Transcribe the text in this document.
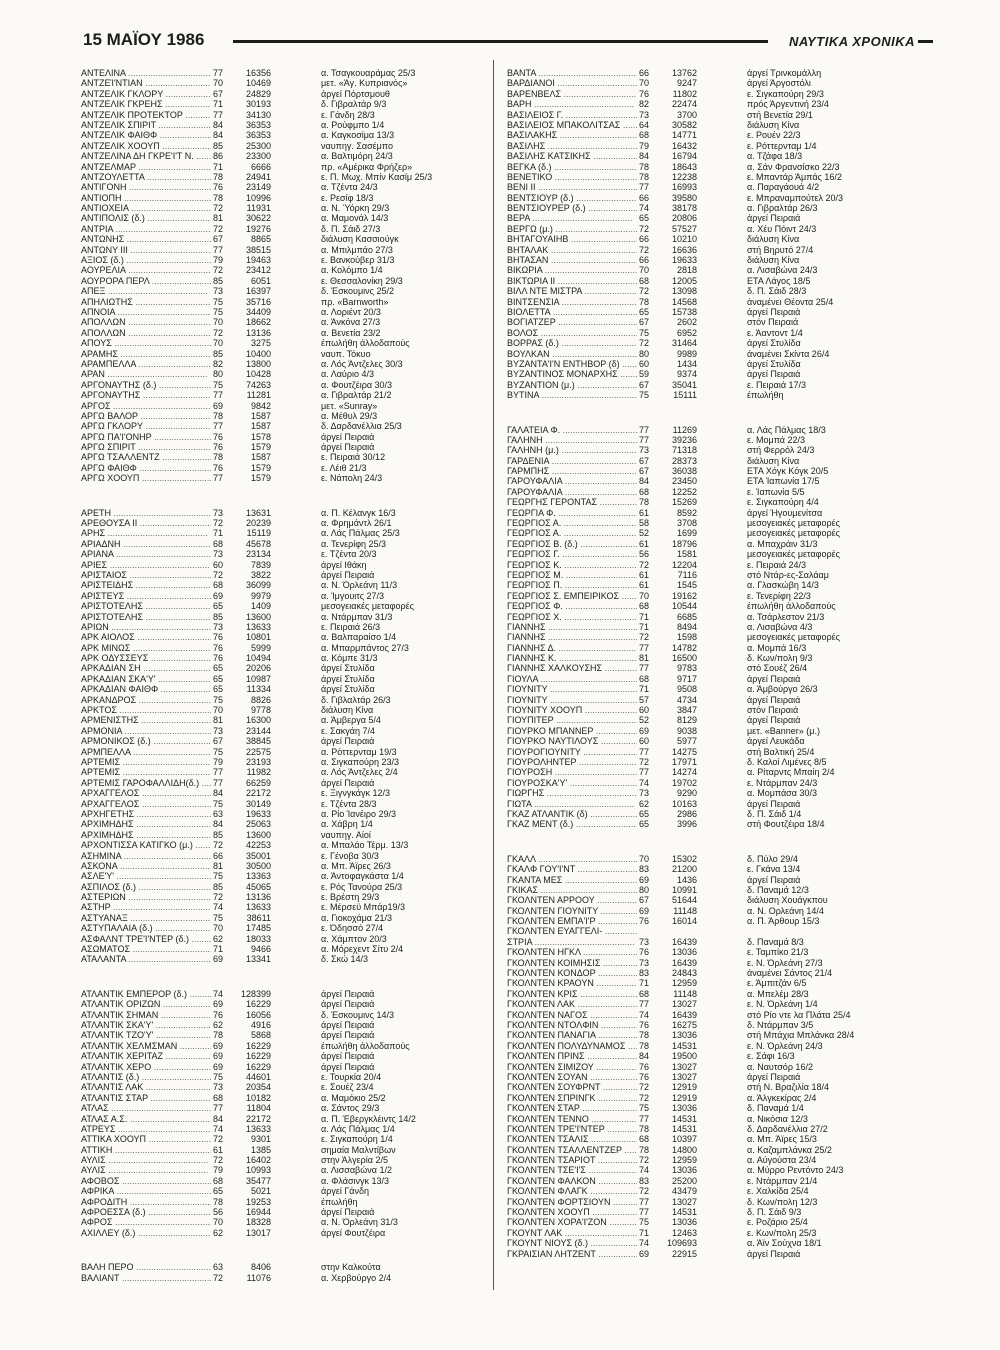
15 ΜΑΪΟΥ 1986	ΝΑΥΤΙΚΑ ΧΡΟΝΙΚΑ
ΑΝΤΕΛΙΝΑ .....	77	16356	α. Τσαγκουαράμας 25/3
ΑΝΤΖΕΊ'ΝΤΙΑΝ .....	70	10469	μετ. «Άγ. Κυπριανός»
ΑΝΤΖΕΛΙΚ ΓΚΛΟΡΥ .....	67	24829	άργεί Πόρτσμουθ
ΑΝΤΖΕΛΙΚ ΓΚΡΕΗΣ .....	71	30193	δ. Γιβραλτάρ 9/3
ΑΝΤΖΕΛΙΚ ΠΡΟΤΕΚΤΟΡ .....	77	34130	ε. Γάνδη 28/3
ΑΝΤΖΕΛΙΚ ΣΠΙΡΙΤ .....	84	36353	α. Ρούφμπο 1/4
ΑΝΤΖΕΛΙΚ ΦΑΙΘΦ .....	84	36353	α. Καγκοσίμα 13/3
ΑΝΤΖΕΛΙΚ ΧΟΟΥΠ .....	85	25300	ναυπηγ. Σασέμπο
ΑΝΤΖΕΛΙΝΑ ΔΗ ΓΚΡΕ'Ι'Τ Ν. .....	86	23300	α. Βαλτιμόρη 24/3
ΑΝΤΖΕΛΜΑΡ .....	71	6666	πρ. «Αμέρικα Φρήζερ»
ΑΝΤΖΟΥΛΕΤΤΑ .....	78	24941	ε. Π. Μωχ. Μπίν Κασίμ 25/3
ΑΝΤΙΓΟΝΗ .....	76	23149	α. Τζέντα 24/3
ΑΝΤΙΟΠΗ .....	78	10996	ε. Ρεσίφ 18/3
ΑΝΤΙΟΧΕΙΑ .....	72	11931	α. Ν. Ύόρκη 29/3
ΑΝΤΙΠΟΛΙΣ (δ.) .....	81	30622	α. Μαμονάλ 14/3
ΑΝΤΡΙΑ .....	72	19276	δ. Π. Σάιδ 27/3
ΑΝΤΩΝΗΣ .....	67	8865	διάλυση Κασσιούγκ
ΑΝΤΩΝΥ ΙΙΙ .....	77	38515	α. Μπιλμπάο 27/3
ΑΞΙΟΣ (δ.) .....	79	19463	ε. Βανκούβερ 31/3
ΑΟΥΡΕΛΙΑ .....	72	23412	α. Κολόμπο 1/4
ΑΟΥΡΟΡΑ ΠΕΡΛ .....	85	6051	ε. Θεσσαλονίκη 29/3
ΑΠΕΞ .....	73	16397	δ. Έσκουμινς 25/2
ΑΠΗΛΙΩΤΗΣ .....	75	35716	πρ. «Barnworth»
ΑΠΝΟΙΑ .....	75	34409	α. Λοριέντ 20/3
ΑΠΟΛΛΩΝ .....	70	18662	α. Άνκόνα 27/3
ΑΠΟΛΛΩΝ .....	72	13136	α. Βενετία 23/2
ΑΠΟΥΣ .....	70	3275	έπωλήθη άλλοδαπούς
ΑΡΑΜΗΣ .....	85	10400	ναυπ. Τόκυο
ΑΡΑΜΠΕΛΛΑ .....	82	13800	α. Λός Άντζελες 30/3
ΑΡΑΝ .....	80	10428	α. Λαύριο 4/3
ΑΡΓΟΝΑΥΤΗΣ (δ.) .....	75	74263	α. Φουτζέιρα 30/3
ΑΡΓΟΝΑΥΤΗΣ .....	77	11281	α. Γιβραλτάρ 21/2
ΑΡΓΟΣ .....	69	9842	μετ. «Sunray»
ΑΡΓΩ ΒΑΛΟΡ .....	78	1587	α. Μέθυλ 29/3
ΑΡΓΩ ΓΚΛΟΡΥ .....	77	1587	δ. Δαρδανέλλια 25/3
ΑΡΓΩ ΠΑ'Ι'ΟΝΗΡ .....	76	1578	άργεί Πειραιά
ΑΡΓΩ ΣΠΙΡΙΤ .....	76	1579	άργεί Πειραιά
ΑΡΓΩ ΤΣΑΛΛΕΝΤΖ .....	78	1587	ε. Πειραιά 30/12
ΑΡΓΩ ΦΑΙΘΦ .....	76	1579	ε. Λέιθ 21/3
ΑΡΓΩ ΧΟΟΥΠ .....	77	1579	ε. Νάπολη 24/3
ΑΡΕΤΗ .....	73	13631	α. Π. Κέλανγκ 16/3
ΑΡΕΘΟΥΣΑ ΙΙ .....	72	20239	α. Φρημάντλ 26/1
ΑΡΗΣ .....	71	15119	α. Λάς Πάλμας 25/3
ΑΡΙΑΔΝΗ .....	68	45678	α. Τενερίφη 25/3
ΑΡΙΑΝΑ .....	73	23134	ε. Τζέντα 20/3
ΑΡΙΕΣ .....	60	7839	άργεί Ιθάκη
ΑΡΙΣΤΑΙΟΣ .....	72	3822	άργεί Πειραιά
ΑΡΙΣΤΕΙΔΗΣ .....	68	36099	α. Ν. Όρλεάνη 11/3
ΑΡΙΣΤΕΥΣ .....	69	9979	α. Ίμγουιτς 27/3
ΑΡΙΣΤΟΤΕΛΗΣ .....	65	1409	μεσογειακές μεταφορές
ΑΡΙΣΤΟΤΕΛΗΣ .....	85	13600	α. Ντάρμπαν 31/3
ΑΡΙΩΝ .....	73	13633	ε. Πειραιά 26/3
ΑΡΚ ΑΙΟΛΟΣ .....	76	10801	α. Βαλπαραίσο 1/4
ΑΡΚ ΜΙΝΩΣ .....	76	5999	α. Μπαρμπάντος 27/3
ΑΡΚ ΟΔΥΣΣΕΥΣ .....	76	10494	α. Κόμπε 31/3
ΑΡΚΑΔΙΑΝ ΣΗ .....	65	20206	άργεί Στυλίδα
ΑΡΚΑΔΙΑΝ ΣΚΑ'Υ' .....	65	10987	άργεί Στυλίδα
ΑΡΚΑΔΙΑΝ ΦΑΙΘΦ .....	65	11334	άργεί Στυλίδα
ΑΡΚΑΝΔΡΟΣ .....	75	8826	δ. Γιβλαλτάρ 26/3
ΑΡΚΤΟΣ .....	70	9778	διάλυση Κίνα
ΑΡΜΕΝΙΣΤΗΣ .....	81	16300	α. Άμβεργα 5/4
ΑΡΜΟΝΙΑ .....	73	23144	ε. Σακγάη 7/4
ΑΡΜΟΝΙΚΟΣ (δ.) .....	67	38845	άργεί Πειραιά
ΑΡΜΠΕΛΛΑ .....	75	22575	α. Ρόττερνταμ 19/3
ΑΡΤΕΜΙΣ .....	79	23193	α. Σιγκαπούρη 23/3
ΑΡΤΕΜΙΣ .....	77	11982	α. Λός Άντζελες 2/4
ΑΡΤΕΜΙΣ ΓΑΡΟΦΑΛΛΙΔΗ(δ.) .....	77	66259	άργεί Πειραιά
ΑΡΧΑΓΓΕΛΟΣ .....	84	22172	ε. Ξιγνγκάγκ 12/3
ΑΡΧΑΓΓΕΛΟΣ .....	75	30149	ε. Τζέντα 28/3
ΑΡΧΗΓΕΤΗΣ .....	63	19633	α. Ρίο Ίανέιρο 29/3
ΑΡΧΙΜΗΔΗΣ .....	84	25063	α. Χάβρη 1/4
ΑΡΧΙΜΗΔΗΣ .....	85	13600	ναυπηγ. Αίοί
ΑΡΧΟΝΤΙΣΣΑ ΚΑΤΙΓΚΟ (μ.) .....	72	42253	α. Μπαλάο Τέρμ. 13/3
ΑΣΗΜΙΝΑ .....	66	35001	ε. Γένοβα 30/3
ΑΣΚΟΝΑ .....	81	30500	α. Μπ. Άϊρες 26/3
ΑΣΛΕ'Υ' .....	75	13363	α. Άντοφαγκάστα 1/4
ΑΣΠΙΛΟΣ (δ.) .....	85	45065	ε. Ρός Τανούρα 25/3
ΑΣΤΕΡΙΩΝ .....	72	13136	ε. Βρέστη 29/3
ΑΣΤΗΡ .....	74	13633	ε. Μέρσεϋ Μπάρ19/3
ΑΣΤΥΑΝΑΞ .....	75	38611	α. Γιοκοχάμα 21/3
ΑΣΤΥΠΑΛΑΙΑ (δ.) .....	70	17485	ε. Όδησσό 27/4
ΑΣΦΑΛΝΤ ΤΡΕ'Ι'ΝΤΕΡ (δ.) .....	62	18033	α. Χάμπτον 20/3
ΑΣΩΜΑΤΟΣ .....	71	9466	α. Μόρεχεντ Σίτυ 2/4
ΑΤΑΛΑΝΤΑ .....	69	13341	δ. Σκώ 14/3
ΑΤΛΑΝΤΙΚ ΕΜΠΕΡΟΡ (δ.) .....	74	128399	άργεί Πειραιά
ΑΤΛΑΝΤΙΚ ΟΡΙΖΩΝ .....	69	16229	άργεί Πειραιά
ΑΤΛΑΝΤΙΚ ΣΗΜΑΝ .....	76	16056	δ. Έσκουμινς 14/3
ΑΤΛΑΝΤΙΚ ΣΚΑ'Υ' .....	62	4916	άργεί Πειραιά
ΑΤΛΑΝΤΙΚ ΤΖΟ'Υ' .....	78	5868	άργεί Πειραιά
ΑΤΛΑΝΤΙΚ ΧΕΛΜΣΜΑΝ .....	69	16229	έπωλήθη άλλοδαπούς
ΑΤΛΑΝΤΙΚ ΧΕΡΙΤΑΖ .....	69	16229	άργεί Πειραιά
ΑΤΛΑΝΤΙΚ ΧΕΡΟ .....	69	16229	άργεί Πειραιά
ΑΤΛΑΝΤΙΣ (δ.) .....	75	44601	ε. Τουρκία 20/4
ΑΤΛΑΝΤΙΣ ΛΑΚ .....	73	20354	ε. Σουέζ 23/4
ΑΤΛΑΝΤΙΣ ΣΤΑΡ .....	68	10182	α. Μαμόκιο 25/2
ΑΤΛΑΣ .....	77	11804	α. Σάντος 29/3
ΑΤΛΑΣ Α.Σ. .....	84	22172	α. Π. Έβεργκλέιντς 14/2
ΑΤΡΕΥΣ .....	74	13633	α. Λάς Πάλμας 1/4
ΑΤΤΙΚΑ ΧΟΟΥΠ .....	72	9301	ε. Σιγκαπούρη 1/4
ΑΤΤΙΚΗ .....	61	1385	σημαία Μαλντίβων
ΑΥΛΙΣ .....	72	16402	στην Άλγερία 2/5
ΑΥΛΙΣ .....	79	10993	α. Λισσαβώνα 1/2
ΑΦΟΒΟΣ .....	68	35477	α. Φλάσινγκ 13/3
ΑΦΡΙΚΑ .....	65	5021	άργεί Γάνδη
ΑΦΡΟΔΙΤΗ .....	78	19253	έπωλήθη
ΑΦΡΟΕΣΣΑ (δ.) .....	56	16944	άργεί Πειραιά
ΑΦΡΟΣ .....	70	18328	α. Ν. Όρλεάνη 31/3
ΑΧΙΛΛΕΥ (δ.) .....	62	13017	άργεί Φουτζέιρα
ΒΑΛΗ ΠΕΡΟ .....	63	8406	στην Καλκούτα
ΒΑΛΙΑΝΤ .....	72	11076	α. Χερβούργο 2/4
ΒΑΝΤΑ .....	66	13762	άργεί Τρινκομάλλη
ΒΑΡΔΙΑΝΟΙ .....	70	9247	άργεί Άργοστόλι
ΒΑΡΕΝΒΕΛΣ .....	76	11802	ε. Σιγκαπούρη 29/3
ΒΑΡΗ .....	82	22474	πρός Άργεντινή 23/4
ΒΑΣΙΛΕΙΟΣ Γ. .....	73	3700	στή Βενετία 29/1
ΒΑΣΙΛΕΙΟΣ ΜΠΑΚΟΛΙΤΣΑΣ .....	64	30582	διάλυση Κίνα
ΒΑΣΙΛΑΚΗΣ .....	68	14771	ε. Ρουέν 22/3
ΒΑΣΙΛΗΣ .....	79	16432	ε. Ρόττερνταμ 1/4
ΒΑΣΙΛΗΣ ΚΑΤΣΙΚΗΣ .....	84	16794	α. Τζάφα 18/3
ΒΕΓΚΑ (δ.) .....	78	18643	α. Σάν Φρανσίσκο 22/3
ΒΕΝΕΤΙΚΟ .....	78	12238	ε. Μπαντάρ Άμπάς 16/2
ΒΕΝΙ ΙΙ .....	77	16993	α. Παραγάουά 4/2
ΒΕΝΤΣΙΟΥΡ (δ.) .....	66	39580	ε. Μπραναμπούτελ 20/3
ΒΕΝΤΣΙΟΥΡΕΡ (δ.) .....	74	38178	α. Γιβραλτάρ 26/3
ΒΕΡΑ .....	65	20806	άργεί Πειραιά
ΒΕΡΓΩ (μ.) .....	72	57527	α. Χέυ Πόιντ 24/3
ΒΗΤΑΓΟΥΑΙΗΒ .....	66	10210	διάλυση Κίνα
ΒΗΤΑΛΑΚ .....	72	16636	στή Βηρυτό 27/4
ΒΗΤΑΣΑΝ .....	66	19633	διάλυση Κίνα
ΒΙΚΩΡΙΑ .....	70	2818	α. Λισαβώνα 24/3
ΒΙΚΤΩΡΙΑ ΙΙ .....	68	12005	ΕΤΑ Λάγος 18/5
ΒΙΛΛ ΝΤΕ ΜΙΣΤΡΑ .....	72	13098	δ. Π. Σάιδ 28/3
ΒΙΝΤΣΕΝΣΙΑ .....	78	14568	άναμένει Θέοντα 25/4
ΒΙΟΛΕΤΤΑ .....	65	15738	άργεί Πειραιά
ΒΟΓΙΑΤΖΕΡ .....	67	2602	στόν Πειραιά
ΒΟΛΟΣ .....	75	6952	ε. Άαντοντ 1/4
ΒΟΡΡΑΣ (δ.) .....	72	31464	άργεί Στυλίδα
ΒΟΥΛΚΑΝ .....	80	9989	άναμένει Σκίντα 26/4
ΒΥΖΑΝΤΑ'Ι'Ν ΕΝΤΗΒΟΡ (δ) .....	60	1434	άργεί Στυλίδα
ΒΥΖΑΝΤΙΝΟΣ ΜΟΝΑΡΧΗΣ .....	59	9374	άργεί Πειραιά
ΒΥΖΑΝΤΙΟΝ (μ.) .....	67	35041	ε. Πειραιά 17/3
ΒΥΤΙΝΑ .....	75	15111	έπωλήθη
ΓΑΛΑΤΕΙΑ Φ. .....	77	11269	α. Λάς Πάλμας 18/3
ΓΑΛΗΝΗ .....	77	39236	ε. Μομπά 22/3
ΓΑΛΗΝΗ (μ.) .....	73	71318	στή Φερρόλ 24/3
ΓΑΡΔΕΝΙΑ .....	67	28373	διάλυση Κίνα
ΓΑΡΜΠΗΣ .....	67	36038	ΕΤΑ Χόγκ Κόγκ 20/5
ΓΑΡΟΥΦΑΛΙΑ .....	84	23450	ΕΤΑ Ίαπωνία 17/5
ΓΑΡΟΥΦΑΛΙΑ .....	68	12252	ε. Ίαπωνία 5/5
ΓΕΩΡΓΗΣ ΓΕΡΟΝΤΑΣ .....	78	15269	ε. Σιγκαπούρη 4/4
ΓΕΩΡΓΙΑ Φ. .....	61	8592	άργεί Ήγουμενίτσα
ΓΕΩΡΓΙΟΣ Α. .....	58	3708	μεσογειακές μεταφορές
ΓΕΩΡΓΙΟΣ Α. .....	52	1699	μεσογειακές μεταφορές
ΓΕΩΡΓΙΟΣ Β. (δ.) .....	61	18796	α. Μπαχράιν 31/3
ΓΕΩΡΓΙΟΣ Γ. .....	56	1581	μεσογειακές μεταφορές
ΓΕΩΡΓΙΟΣ Κ. .....	72	12204	ε. Πειραιά 24/3
ΓΕΩΡΓΙΟΣ Μ. .....	61	7116	στό Ντάρ-ες-Σαλάαμ
ΓΕΩΡΓΙΟΣ Π. .....	61	1545	α. Γλασκώβη 14/3
ΓΕΩΡΓΙΟΣ Σ. ΕΜΠΕΙΡΙΚΟΣ .....	70	19162	ε. Τενερίφη 22/3
ΓΕΩΡΓΙΟΣ Φ. .....	68	10544	έπωλήθη άλλοδαπούς
ΓΕΩΡΓΙΟΣ Χ. .....	71	6685	α. Τσάρλεστον 21/3
ΓΙΑΝΝΗΣ .....	71	8494	α. Λισαβώνα 4/3
ΓΙΑΝΝΗΣ .....	72	1598	μεσογειακές μεταφορές
ΓΙΑΝΝΗΣ Δ. .....	77	14782	α. Μομπά 16/3
ΓΙΑΝΝΗΣ Κ. .....	81	16500	δ. Κων/πολη 9/3
ΓΙΑΝΝΗΣ ΧΑΛΚΟΥΣΗΣ .....	77	9783	στό Σουέζ 26/4
ΓΙΟΥΛΑ .....	68	9717	άργεί Πειραιά
ΓΙΟΥΝΙΤΥ .....	71	9508	α. Άμβούργο 26/3
ΓΙΟΥΝΙΤΥ .....	57	4734	άργεί Πειραιά
ΓΙΟΥΝΙΤΥ ΧΟΟΥΠ .....	60	3847	στόν Πειραιά
ΓΙΟΥΠΙΤΕΡ .....	52	8129	άργεί Πειραιά
ΓΙΟΥΡΚΟ ΜΠΑΝΝΕΡ .....	69	9038	μετ. «Banner» (μ.)
ΓΙΟΥΡΚΟ ΝΑΥΤΙΛΟΥΣ .....	60	5977	άργεί Λευκάδα
ΓΙΟΥΡΟΓΙΟΥΝΙΤΥ .....	77	14275	στή Βαλτική 25/4
ΓΙΟΥΡΟΛΗΝΤΕΡ .....	72	17971	δ. Καλοί Λιμένες 8/5
ΓΙΟΥΡΟΣΗ .....	77	14274	α. Ρίταρντς Μπαίη 2/4
ΓΙΟΥΡΟΣΚΑ'Υ' .....	74	19702	ε. Ντάρμπαν 24/3
ΓΙΩΡΓΗΣ .....	73	9290	α. Μομπάσα 30/3
ΓΙΩΤΑ .....	62	10163	άργεί Πειραιά
ΓΚΑΖ ΑΤΛΑΝΤΙΚ (δ) .....	65	2986	δ. Π. Σάιδ 1/4
ΓΚΑΖ ΜΕΝΤ (δ.) .....	65	3996	στή Φουτζέιρα 18/4
ΓΚΑΛΛ .....	70	15302	δ. Πύλο 29/4
ΓΚΑΛΦ ΓΟΥ'Ι'ΝΤ .....	83	21200	ε. Γκάνα 13/4
ΓΚΑΝΤΑ ΜΕΣ .....	69	1436	άργεί Πειραιά
ΓΚΙΚΑΣ .....	80	10991	δ. Παναμά 12/3
ΓΚΟΛΝΤΕΝ ΑΡΡΟΟΥ .....	67	51644	διάλυση Χουάγκπου
ΓΚΟΛΝΤΕΝ ΓΙΟΥΝΙΤΥ .....	69	11148	α. Ν. Ορλεάνη 14/4
ΓΚΟΛΝΤΕΝ ΕΜΠΑ'Ι'Ρ .....	76	16014	α. Π. Άρθουρ 15/3
ΓΚΟΛΝΤΕΝ ΕΥΑΓΓΕΛΙ- .....
ΣΤΡΙΑ .....	73	16439	δ. Παναμά 8/3
ΓΚΟΛΝΤΕΝ ΗΓΚΛ .....	76	13036	ε. Ταμπίκο 21/3
ΓΚΟΛΝΤΕΝ ΚΟΙΜΗΣΙΣ .....	73	16439	ε. Ν. Όρλεάνη 27/3
ΓΚΟΛΝΤΕΝ ΚΟΝΔΟΡ .....	83	24843	άναμένει Σάντος 21/4
ΓΚΟΛΝΤΕΝ ΚΡΑΟΥΝ .....	71	12959	ε. Άμπιτζάν 6/5
ΓΚΟΛΝΤΕΝ ΚΡΙΣ .....	68	11148	α. Μπελέμ 28/3
ΓΚΟΛΝΤΕΝ ΛΑΚ .....	77	13027	ε. Ν. Όρλεάνη 1/4
ΓΚΟΛΝΤΕΝ ΝΑΓΟΣ .....	74	16439	στό Ρίο ντε λα Πλάτα 25/4
ΓΚΟΛΝΤΕΝ ΝΤΟΛΦΙΝ .....	76	16275	δ. Ντάρμπαν 3/5
ΓΚΟΛΝΤΕΝ ΠΑΝΑΓΙΑ .....	78	13036	στή Μπάχια Μπλάνκα 28/4
ΓΚΟΛΝΤΕΝ ΠΟΛΥΔΥΝΑΜΟΣ .....	78	14531	ε. Ν. Όρλεάνη 24/3
ΓΚΟΛΝΤΕΝ ΠΡΙΝΣ .....	84	19500	ε. Σάφι 16/3
ΓΚΟΛΝΤΕΝ ΣΙΜΙΖΟΥ .....	76	13027	α. Ναυτσόρ 16/2
ΓΚΟΛΝΤΕΝ ΣΟΥΑΝ .....	76	13027	άργεί Πειραιά
ΓΚΟΛΝΤΕΝ ΣΟΥΦΡΝΤ .....	72	12919	στή Ν. Βραζιλία 18/4
ΓΚΟΛΝΤΕΝ ΣΠΡΙΝΓΚ .....	72	12919	α. Άλγκεκίρας 2/4
ΓΚΟΛΝΤΕΝ ΣΤΑΡ .....	75	13036	δ. Παναμά 1/4
ΓΚΟΛΝΤΕΝ ΤΕΝΝΟ .....	77	14531	α. Νικόσια 12/3
ΓΚΟΛΝΤΕΝ ΤΡΕ'Ι'ΝΤΕΡ .....	78	14531	δ. Δαρδανέλλια 27/2
ΓΚΟΛΝΤΕΝ ΤΣΑΛΙΣ .....	68	10397	α. Μπ. Άϊρες 15/3
ΓΚΟΛΝΤΕΝ ΤΣΑΛΛΕΝΤΖΕΡ .....	78	14800	α. Καζαμπλάνκα 25/2
ΓΚΟΛΝΤΕΝ ΤΣΑΡΙΟΤ .....	72	12959	α. Αύγούστα 23/4
ΓΚΟΛΝΤΕΝ ΤΣΕ'Ι'Σ .....	74	13036	α. Μύρρο Ρεντόντο 24/3
ΓΚΟΛΝΤΕΝ ΦΑΛΚΟΝ .....	83	25200	ε. Ντάρμπαν 21/4
ΓΚΟΛΝΤΕΝ ΦΛΑΓΚ .....	72	43479	ε. Χαλκίδα 25/4
ΓΚΟΛΝΤΕΝ ΦΟΡΤΣΙΟΥΝ .....	77	13027	δ. Κων/πολη 12/3
ΓΚΟΛΝΤΕΝ ΧΟΟΥΠ .....	77	14531	δ. Π. Σάιδ 9/3
ΓΚΟΛΝΤΕΝ ΧΟΡΑ'Ι'ΖΟΝ .....	75	13036	ε. Ροζάριο 25/4
ΓΚΟΥΝΤ ΛΑΚ .....	71	12463	ε. Κων/πολη 25/3
ΓΚΟΥΝΤ ΝΙΟΥΣ (δ.) .....	74	109693	α. Άϊν Σούχνα 18/1
ΓΚΡΑΙΣΙΑΝ ΛΗΤΖΕΝΤ .....	69	22915	άργεί Πειραιά
